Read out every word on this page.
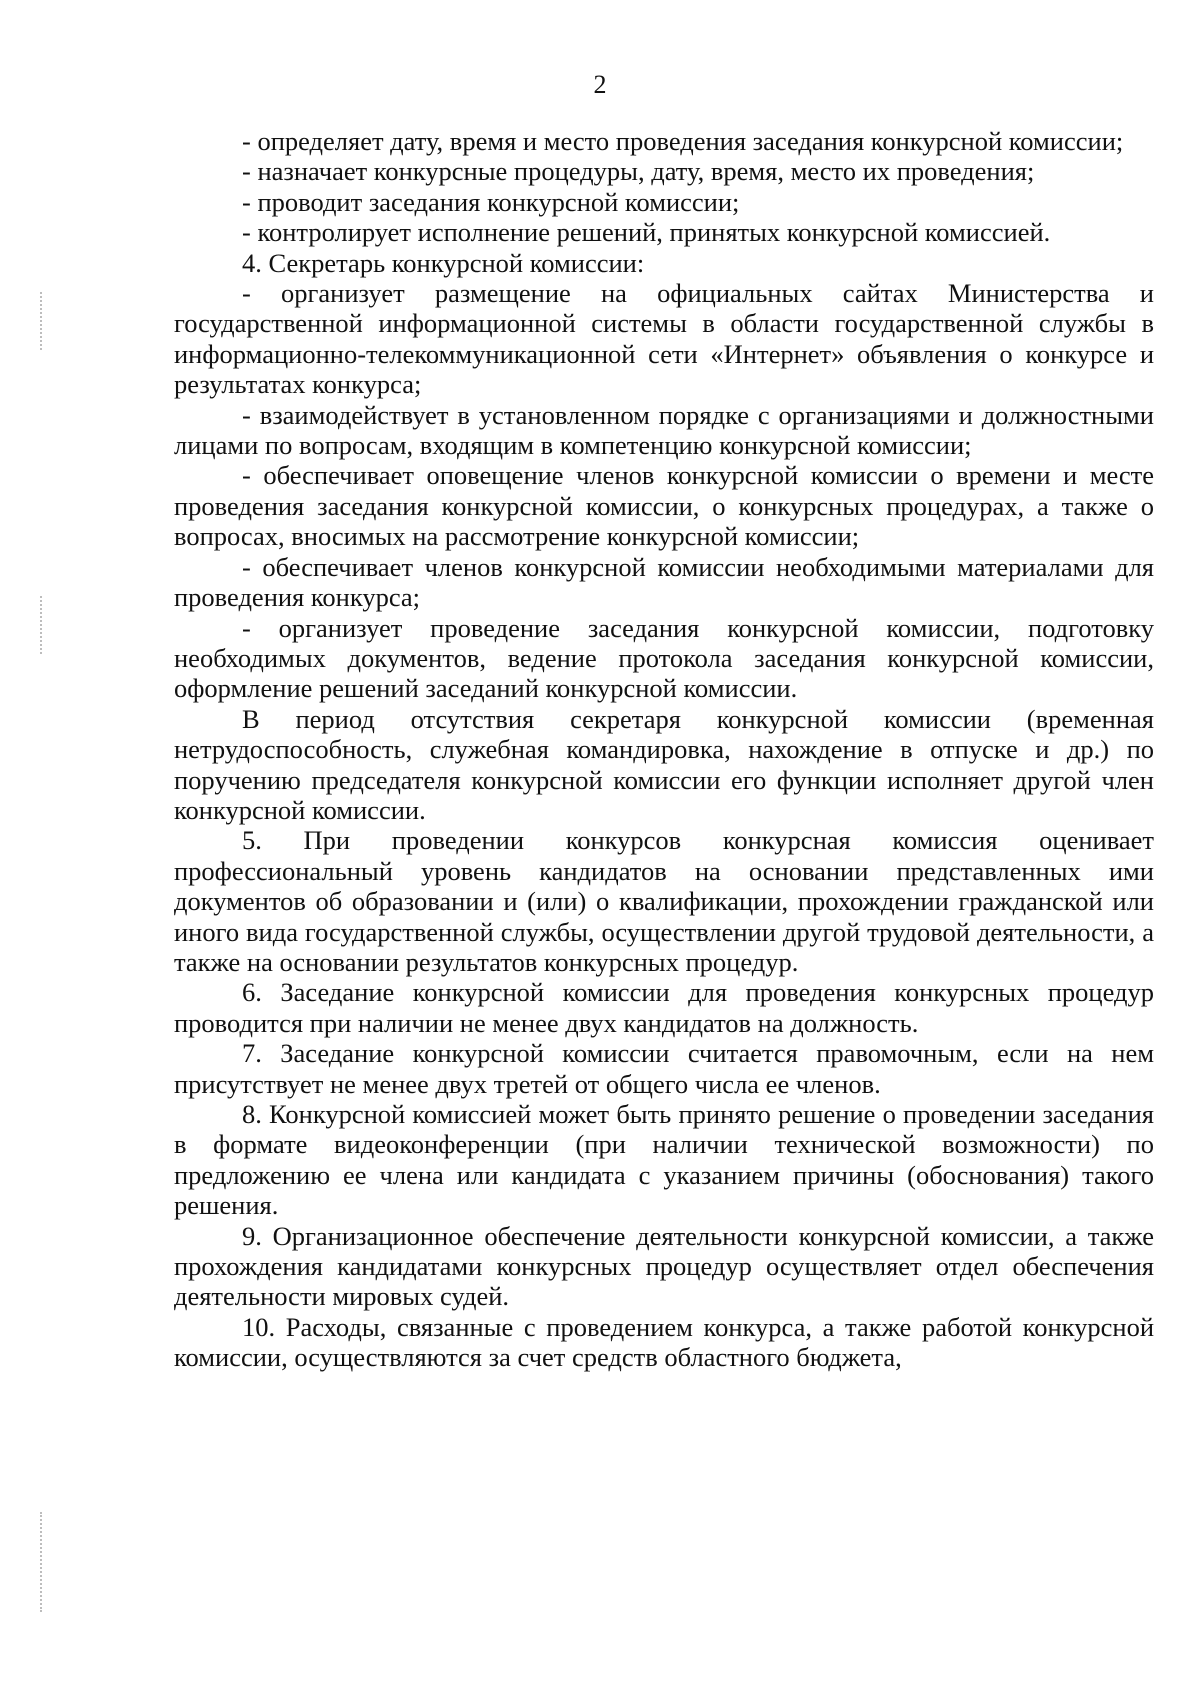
2

- определяет дату, время и место проведения заседания конкурсной комиссии;

- назначает конкурсные процедуры, дату, время, место их проведения;

- проводит заседания конкурсной комиссии;

- контролирует исполнение решений, принятых конкурсной комиссией.

4. Секретарь конкурсной комиссии:

- организует размещение на официальных сайтах Министерства и государственной информационной системы в области государственной службы в информационно-телекоммуникационной сети «Интернет» объявления о конкурсе и результатах конкурса;

- взаимодействует в установленном порядке с организациями и должностными лицами по вопросам, входящим в компетенцию конкурсной комиссии;

- обеспечивает оповещение членов конкурсной комиссии о времени и месте проведения заседания конкурсной комиссии, о конкурсных процедурах, а также о вопросах, вносимых на рассмотрение конкурсной комиссии;

- обеспечивает членов конкурсной комиссии необходимыми материалами для проведения конкурса;

- организует проведение заседания конкурсной комиссии, подготовку необходимых документов, ведение протокола заседания конкурсной комиссии, оформление решений заседаний конкурсной комиссии.

В период отсутствия секретаря конкурсной комиссии (временная нетрудоспособность, служебная командировка, нахождение в отпуске и др.) по поручению председателя конкурсной комиссии его функции исполняет другой член конкурсной комиссии.

5. При проведении конкурсов конкурсная комиссия оценивает профессиональный уровень кандидатов на основании представленных ими документов об образовании и (или) о квалификации, прохождении гражданской или иного вида государственной службы, осуществлении другой трудовой деятельности, а также на основании результатов конкурсных процедур.

6. Заседание конкурсной комиссии для проведения конкурсных процедур проводится при наличии не менее двух кандидатов на должность.

7. Заседание конкурсной комиссии считается правомочным, если на нем присутствует не менее двух третей от общего числа ее членов.

8. Конкурсной комиссией может быть принято решение о проведении заседания в формате видеоконференции (при наличии технической возможности) по предложению ее члена или кандидата с указанием причины (обоснования) такого решения.

9. Организационное обеспечение деятельности конкурсной комиссии, а также прохождения кандидатами конкурсных процедур осуществляет отдел обеспечения деятельности мировых судей.

10. Расходы, связанные с проведением конкурса, а также работой конкурсной комиссии, осуществляются за счет средств областного бюджета,
